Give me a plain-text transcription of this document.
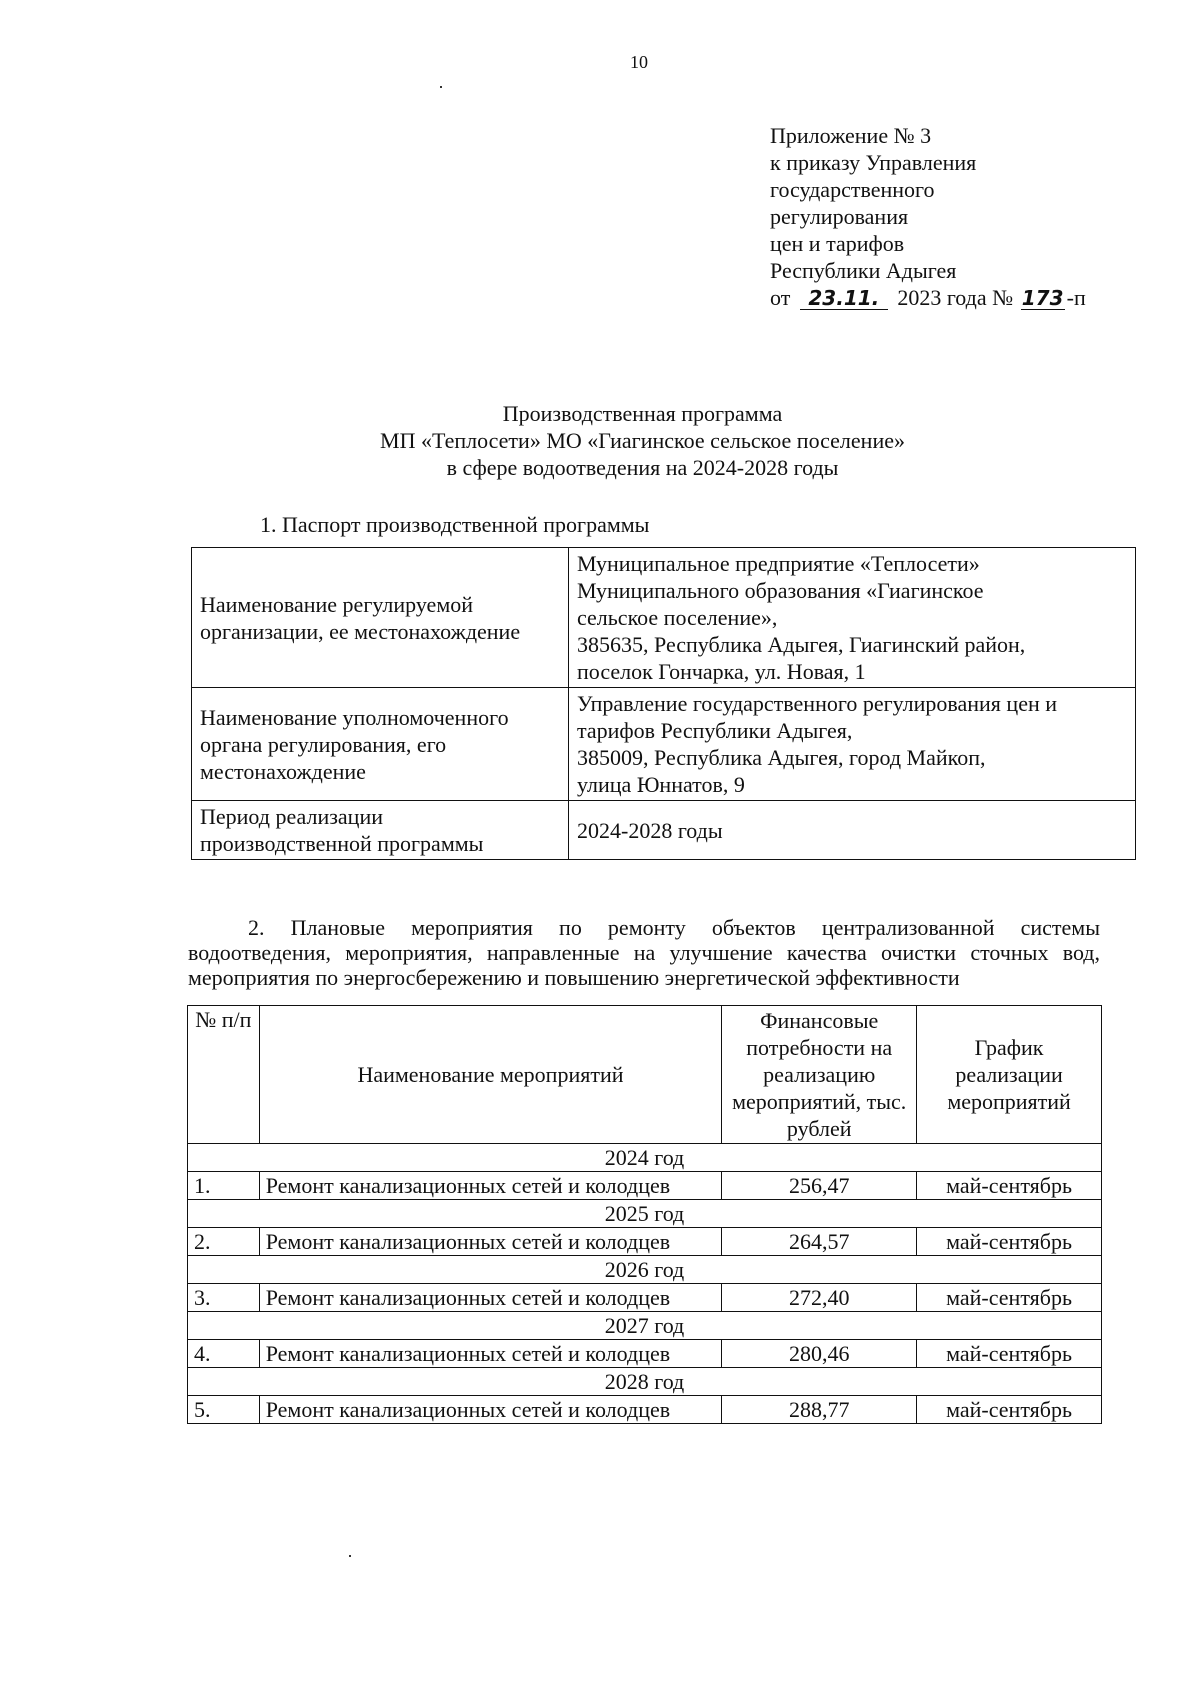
10
Приложение № 3
к приказу Управления
государственного
регулирования
цен и тарифов
Республики Адыгея
от 23.11. 2023 года № 173 -п
Производственная программа
МП «Теплосети» МО «Гиагинское сельское поселение»
в сфере водоотведения на 2024-2028 годы
1. Паспорт производственной программы
Наименование регулируемой организации, ее местонахождение	Муниципальное предприятие «Теплосети»
Муниципального образования «Гиагинское
сельское поселение»,
385635, Республика Адыгея, Гиагинский район,
поселок Гончарка, ул. Новая, 1

Наименование уполномоченного органа регулирования, его местонахождение	Управление государственного регулирования цен и
тарифов Республики Адыгея,
385009, Республика Адыгея, город Майкоп,
улица Юннатов, 9

Период реализации производственной программы	2024-2028 годы
2. Плановые мероприятия по ремонту объектов централизованной системы водоотведения, мероприятия, направленные на улучшение качества очистки сточных вод, мероприятия по энергосбережению и повышению энергетической эффективности
№ п/п	Наименование мероприятий	Финансовые потребности на реализацию мероприятий, тыс. рублей	График реализации мероприятий
2024 год			
1.	Ремонт канализационных сетей и колодцев	256,47	май-сентябрь
2025 год			
2.	Ремонт канализационных сетей и колодцев	264,57	май-сентябрь
2026 год			
3.	Ремонт канализационных сетей и колодцев	272,40	май-сентябрь
2027 год			
4.	Ремонт канализационных сетей и колодцев	280,46	май-сентябрь
2028 год			
5.	Ремонт канализационных сетей и колодцев	288,77	май-сентябрь
